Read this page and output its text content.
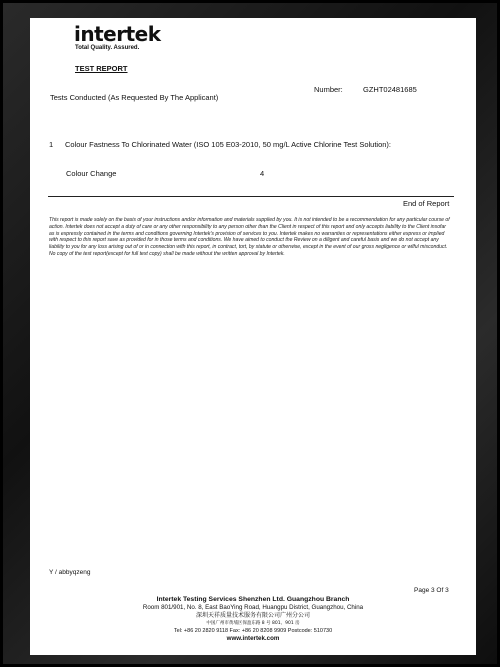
intertek
Total Quality. Assured.
TEST REPORT
Number:	GZHT02481685
Tests Conducted (As Requested By The Applicant)
1 Colour Fastness To Chlorinated Water (ISO 105 E03-2010, 50 mg/L Active Chlorine Test Solution):
Colour Change	4
End of Report
This report is made solely on the basis of your instructions and/or information and materials supplied by you. It is not intended to be a recommendation for any particular course of action. Intertek does not accept a duty of care or any other responsibility to any person other than the Client in respect of this report and only accepts liability to the Client insofar as is expressly contained in the terms and conditions governing Intertek's provision of services to you. Intertek makes no warranties or representations either express or implied with respect to this report save as provided for in those terms and conditions. We have aimed to conduct the Review on a diligent and careful basis and we do not accept any liability to you for any loss arising out of or in connection with this report, in contract, tort, by statute or otherwise, except in the event of our gross negligence or wilful misconduct. No copy of the test report(except for full text copy) shall be made without the written approval by Intertek.
Y / abbyqzeng
Page 3 Of 3
Intertek Testing Services Shenzhen Ltd. Guangzhou Branch
Room 801/901, No. 8, East BaoYing Road, Huangpu District, Guangzhou, China
深圳天祥质量技术服务有限公司广州分公司
中国广州市黄埔区保盈东路 8 号 801、901 房
Tel: +86 20 2820 9118 Fax: +86 20 8208 9909 Postcode: 510730
www.intertek.com
